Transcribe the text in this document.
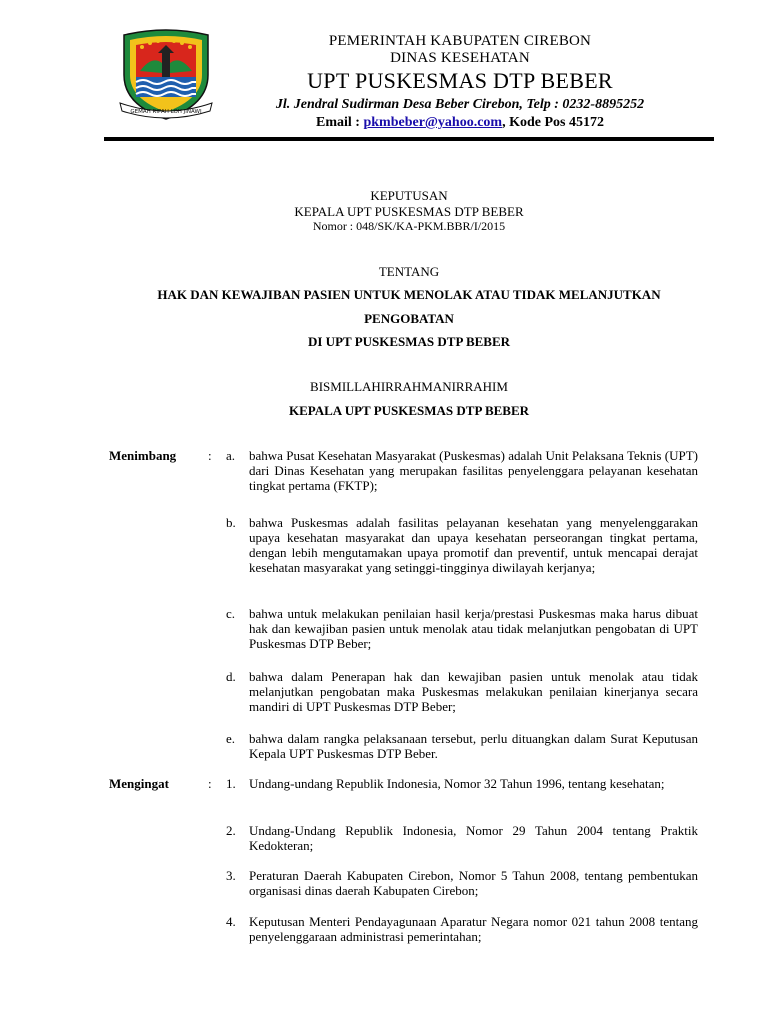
GEMAH RIPAH LOH JINAWI
PEMERINTAH KABUPATEN CIREBON
DINAS KESEHATAN
UPT PUSKESMAS DTP BEBER
Jl. Jendral Sudirman Desa Beber Cirebon, Telp : 0232-8895252
Email : pkmbeber@yahoo.com, Kode Pos 45172
KEPUTUSAN
KEPALA UPT PUSKESMAS DTP BEBER
Nomor : 048/SK/KA-PKM.BBR/I/2015
TENTANG
HAK DAN KEWAJIBAN PASIEN UNTUK MENOLAK ATAU TIDAK MELANJUTKAN
PENGOBATAN
DI UPT PUSKESMAS DTP BEBER
BISMILLAHIRRAHMANIRRAHIM
KEPALA UPT PUSKESMAS DTP BEBER
Menimbang : a.	bahwa Pusat Kesehatan Masyarakat (Puskesmas) adalah Unit Pelaksana Teknis (UPT) dari Dinas Kesehatan yang merupakan fasilitas penyelenggara pelayanan kesehatan tingkat pertama (FKTP);
b.	bahwa Puskesmas adalah fasilitas pelayanan kesehatan yang menyelenggarakan upaya kesehatan masyarakat dan upaya kesehatan perseorangan tingkat pertama, dengan lebih mengutamakan upaya promotif dan preventif, untuk mencapai derajat kesehatan masyarakat yang setinggi-tingginya diwilayah kerjanya;
c.	bahwa untuk melakukan penilaian hasil kerja/prestasi Puskesmas maka harus dibuat hak dan kewajiban pasien untuk menolak atau tidak melanjutkan pengobatan di UPT Puskesmas DTP Beber;
d.	bahwa dalam Penerapan hak dan kewajiban pasien untuk menolak atau tidak melanjutkan pengobatan maka Puskesmas melakukan penilaian kinerjanya secara mandiri di UPT Puskesmas DTP Beber;
e.	bahwa dalam rangka pelaksanaan tersebut, perlu dituangkan dalam Surat Keputusan Kepala UPT Puskesmas DTP Beber.
Mengingat	: 1.	Undang-undang Republik Indonesia, Nomor 32 Tahun 1996, tentang kesehatan;
2.	Undang-Undang Republik Indonesia, Nomor 29 Tahun 2004 tentang Praktik Kedokteran;
3.	Peraturan Daerah Kabupaten Cirebon, Nomor 5 Tahun 2008, tentang pembentukan organisasi dinas daerah Kabupaten Cirebon;
4.	Keputusan Menteri Pendayagunaan Aparatur Negara nomor 021 tahun 2008 tentang penyelenggaraan administrasi pemerintahan;
